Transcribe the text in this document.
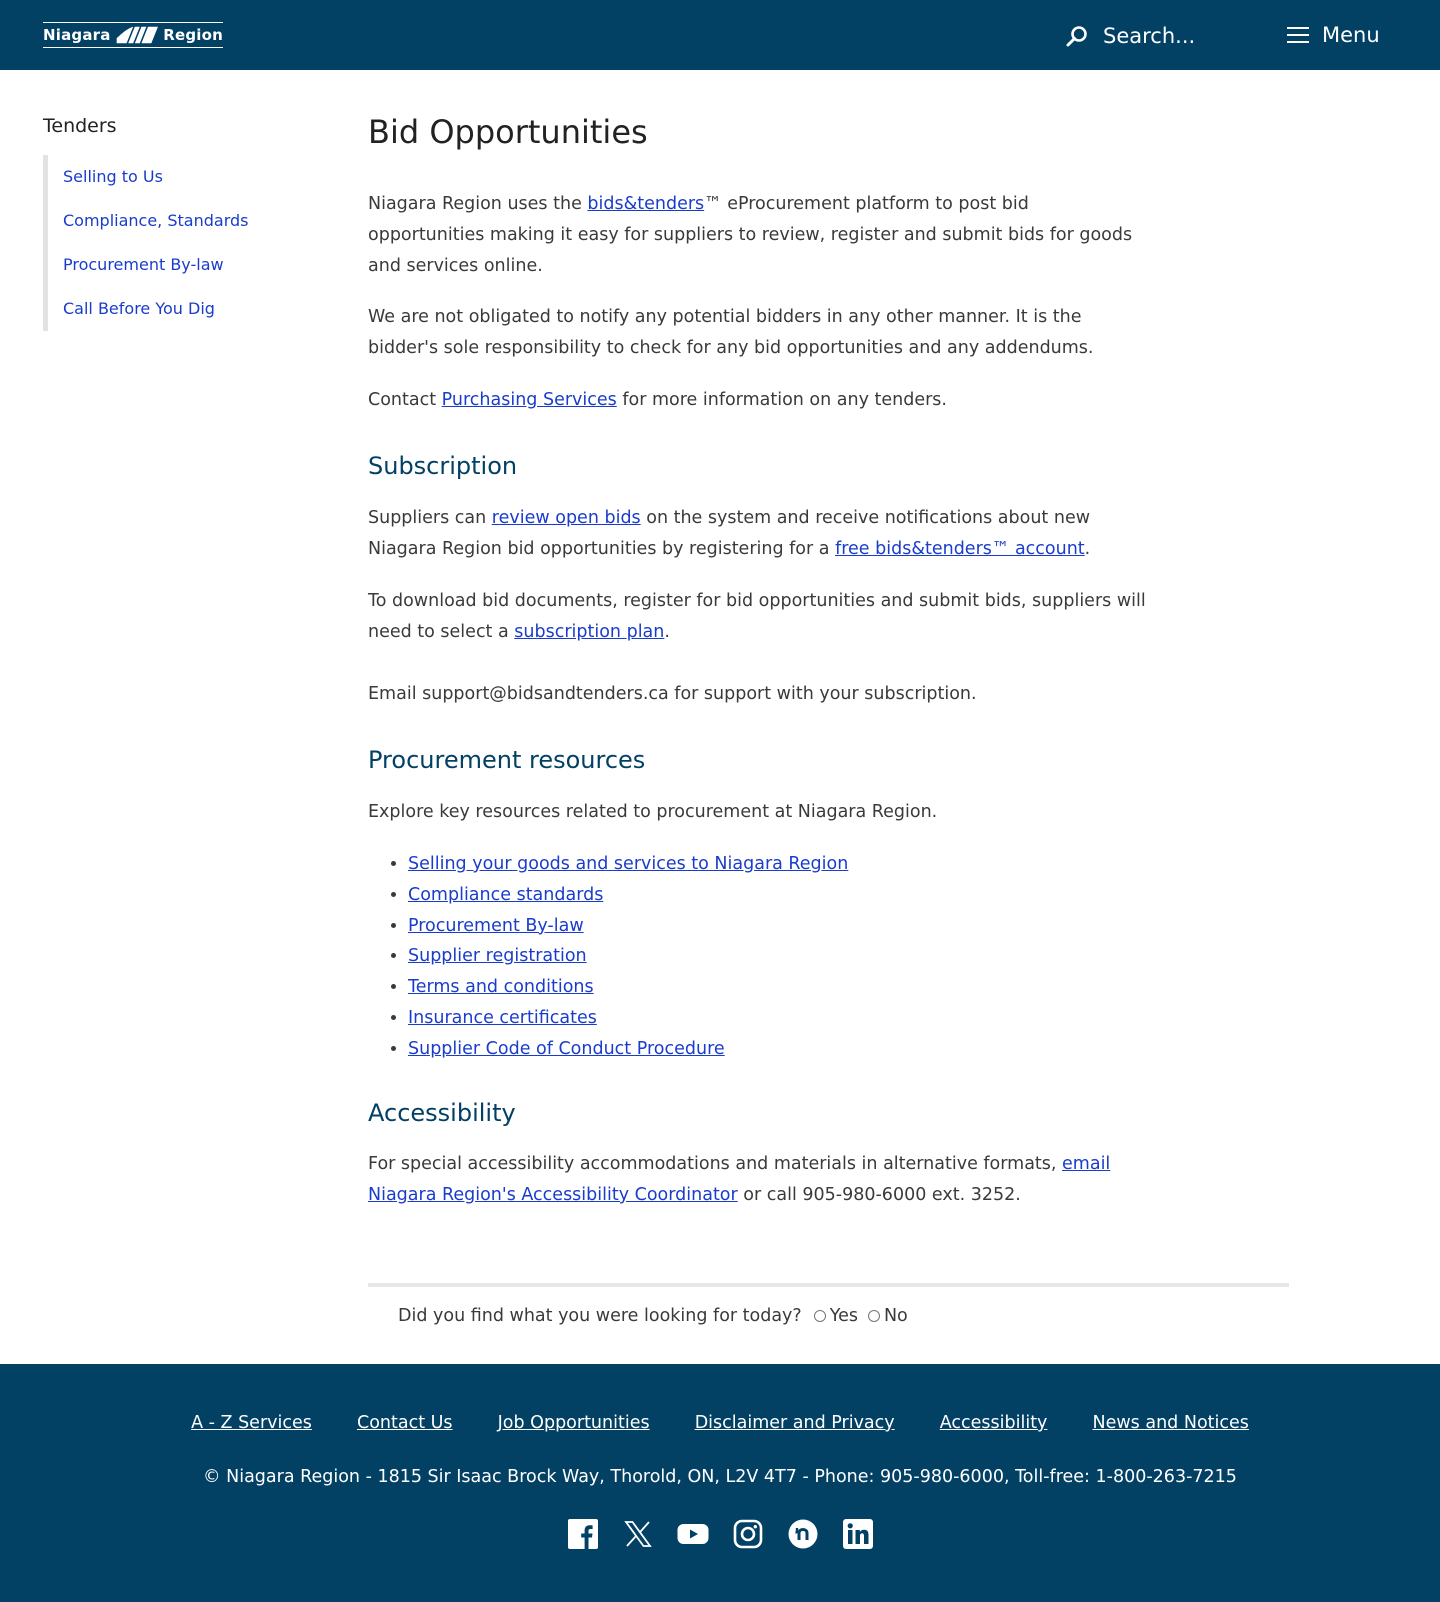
Niagara	Region	Search...	Menu
Tenders
Selling to Us
Compliance, Standards
Procurement By-law
Call Before You Dig
Bid Opportunities

Niagara Region uses the bids&tenders™ eProcurement platform to post bid opportunities making it easy for suppliers to review, register and submit bids for goods and services online.

We are not obligated to notify any potential bidders in any other manner. It is the bidder's sole responsibility to check for any bid opportunities and any addendums.

Contact Purchasing Services for more information on any tenders.

Subscription

Suppliers can review open bids on the system and receive notifications about new Niagara Region bid opportunities by registering for a free bids&tenders™ account.

To download bid documents, register for bid opportunities and submit bids, suppliers will need to select a subscription plan.

Email support@bidsandtenders.ca for support with your subscription.

Procurement resources

Explore key resources related to procurement at Niagara Region.

• Selling your goods and services to Niagara Region
• Compliance standards
• Procurement By-law
• Supplier registration
• Terms and conditions
• Insurance certificates
• Supplier Code of Conduct Procedure
Accessibility

For special accessibility accommodations and materials in alternative formats, email Niagara Region's Accessibility Coordinator or call 905-980-6000 ext. 3252.

Did you find what you were looking for today? Yes No
A - Z Services	Contact Us	Job Opportunities	Disclaimer and Privacy	Accessibility	News and Notices
© Niagara Region - 1815 Sir Isaac Brock Way, Thorold, ON, L2V 4T7 - Phone: 905-980-6000, Toll-free: 1-800-263-7215
